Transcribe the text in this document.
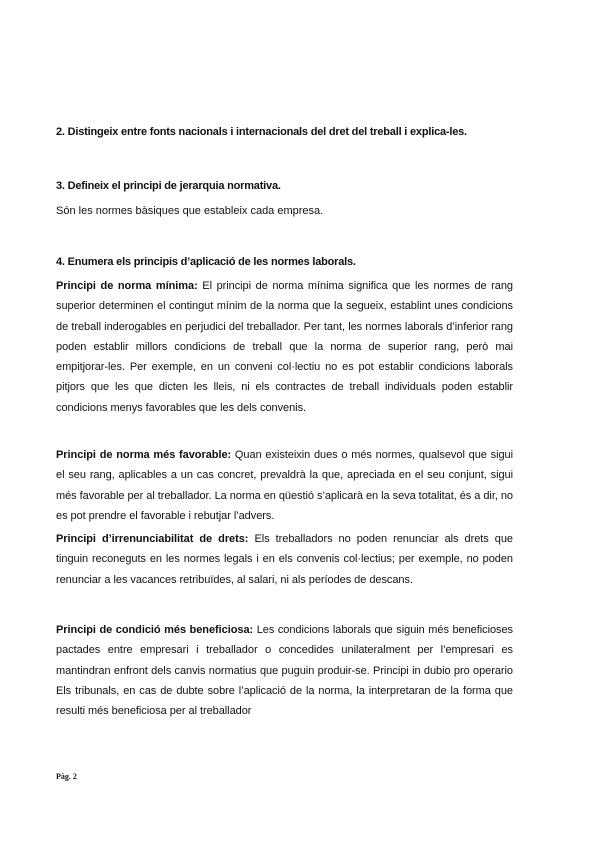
2. Distingeix entre fonts nacionals i internacionals del dret del treball i explica-les.
3. Defineix el principi de jerarquia normativa.
Són les normes bàsiques que estableix cada empresa.
4. Enumera els principis d’aplicació de les normes laborals.

Principi de norma mínima: El principi de norma mínima significa que les normes de rang superior determinen el contingut mínim de la norma que la segueix, establint unes condicions de treball inderogables en perjudici del treballador. Per tant, les normes laborals d’inferior rang poden establir millors condicions de treball que la norma de superior rang, però mai empitjorar-les. Per exemple, en un conveni col·lectiu no es pot establir condicions laborals pitjors que les que dicten les lleis, ni els contractes de treball individuals poden establir condicions menys favorables que les dels convenis.

Principi de norma més favorable: Quan existeixin dues o més normes, qualsevol que sigui el seu rang, aplicables a un cas concret, prevaldrà la que, apreciada en el seu conjunt, sigui més favorable per al treballador. La norma en qüestió s’aplicarà en la seva totalitat, és a dir, no es pot prendre el favorable i rebutjar l’advers.

Principi d’irrenunciabilitat de drets: Els treballadors no poden renunciar als drets que tinguin reconeguts en les normes legals i en els convenis col·lectius; per exemple, no poden renunciar a les vacances retribuïdes, al salari, ni als períodes de descans.

Principi de condició més beneficiosa: Les condicions laborals que siguin més beneficioses pactades entre empresari i treballador o concedides unilateralment per l’empresari es mantindran enfront dels canvis normatius que puguin produir-se. Principi in dubio pro operario Els tribunals, en cas de dubte sobre l’aplicació de la norma, la interpretaran de la forma que resulti més beneficiosa per al treballador

Pàg. 2
